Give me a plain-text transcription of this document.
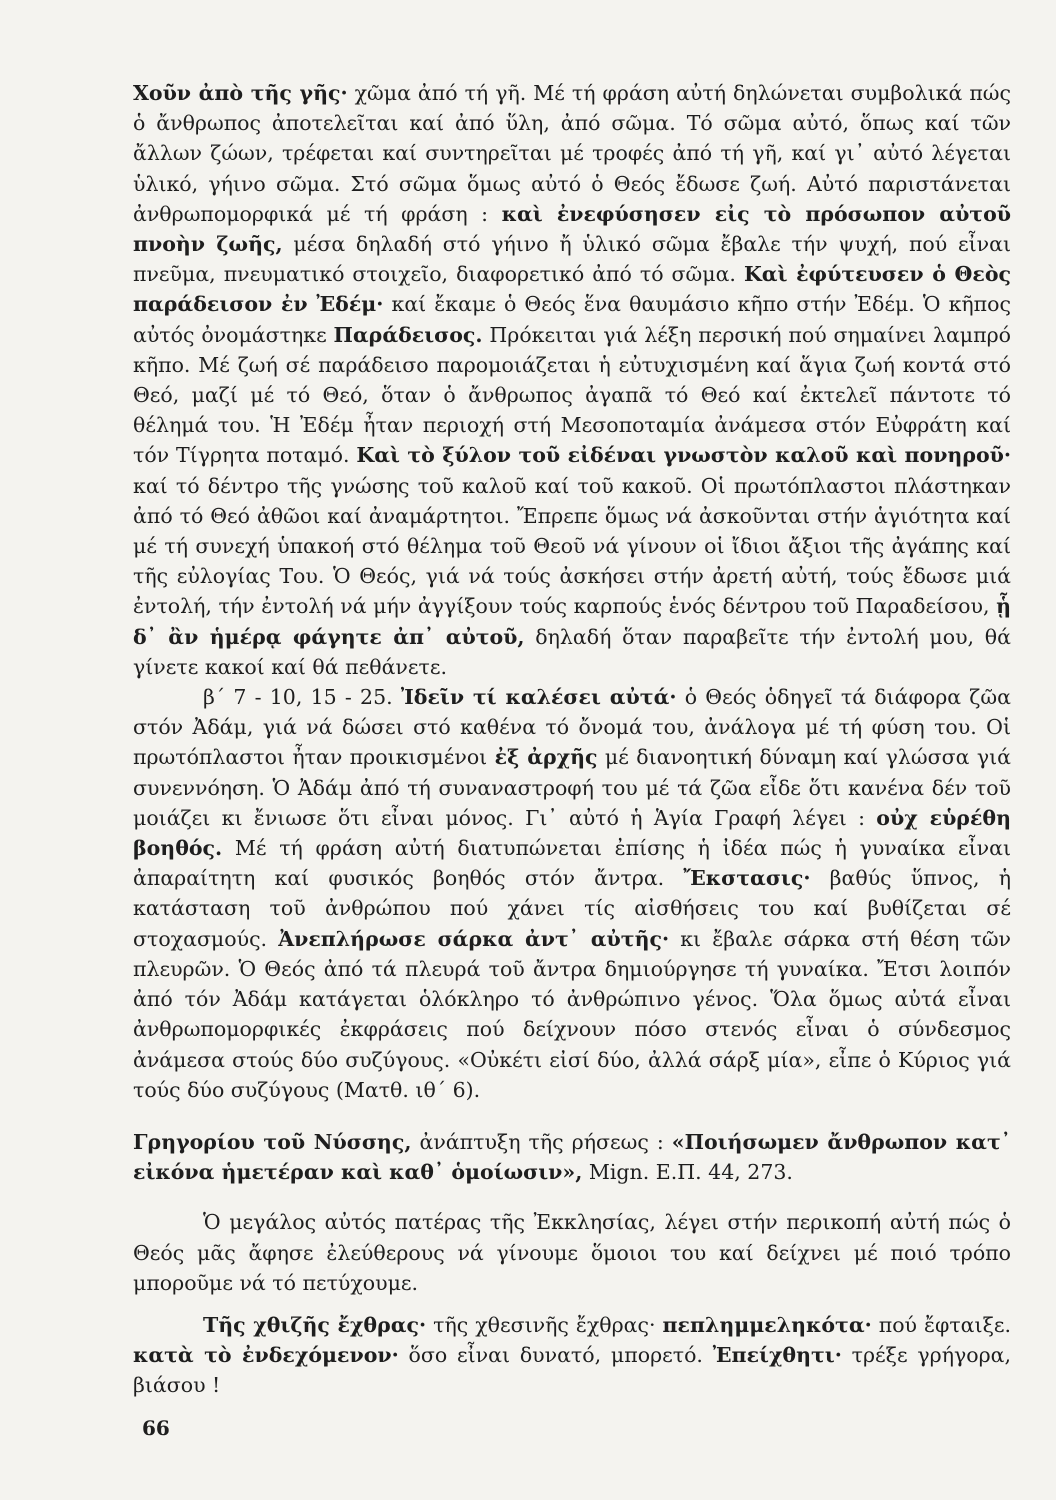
Χοῦν ἀπὸ τῆς γῆς· χῶμα ἀπό τή γῆ. Μέ τή φράση αὐτή δηλώνεται συμβολικά πώς ὁ ἄνθρωπος ἀποτελεῖται καί ἀπό ὕλη, ἀπό σῶμα. Τό σῶμα αὐτό, ὅπως καί τῶν ἄλλων ζώων, τρέφεται καί συντηρεῖται μέ τροφές ἀπό τή γῆ, καί γι᾿ αὐτό λέγεται ὑλικό, γήινο σῶμα. Στό σῶμα ὅμως αὐτό ὁ Θεός ἔδωσε ζωή. Αὐτό παριστάνεται ἀνθρωπομορφικά μέ τή φράση : καὶ ἐνεφύσησεν εἰς τὸ πρόσωπον αὐτοῦ πνοὴν ζωῆς, μέσα δηλαδή στό γήινο ἤ ὑλικό σῶμα ἔβαλε τήν ψυχή, πού εἶναι πνεῦμα, πνευματικό στοιχεῖο, διαφορετικό ἀπό τό σῶμα. Καὶ ἐφύτευσεν ὁ Θεὸς παράδεισον ἐν Ἐδέμ· καί ἔκαμε ὁ Θεός ἕνα θαυμάσιο κῆπο στήν Ἐδέμ. Ὁ κῆπος αὐτός ὀνομάστηκε Παράδεισος. Πρόκειται γιά λέξη περσική πού σημαίνει λαμπρό κῆπο. Μέ ζωή σέ παράδεισο παρομοιάζεται ἡ εὐτυχισμένη καί ἅγια ζωή κοντά στό Θεό, μαζί μέ τό Θεό, ὅταν ὁ ἄνθρωπος ἀγαπᾶ τό Θεό καί ἐκτελεῖ πάντοτε τό θέλημά του. Ἡ Ἐδέμ ἦταν περιοχή στή Μεσοποταμία ἀνάμεσα στόν Εὐφράτη καί τόν Τίγρητα ποταμό. Καὶ τὸ ξύλον τοῦ εἰδέναι γνωστὸν καλοῦ καὶ πονηροῦ· καί τό δέντρο τῆς γνώσης τοῦ καλοῦ καί τοῦ κακοῦ. Οἱ πρωτόπλαστοι πλάστηκαν ἀπό τό Θεό ἀθῶοι καί ἀναμάρτητοι. Ἔπρεπε ὅμως νά ἀσκοῦνται στήν ἁγιότητα καί μέ τή συνεχή ὑπακοή στό θέλημα τοῦ Θεοῦ νά γίνουν οἱ ἴδιοι ἄξιοι τῆς ἀγάπης καί τῆς εὐλογίας Του. Ὁ Θεός, γιά νά τούς ἀσκήσει στήν ἀρετή αὐτή, τούς ἔδωσε μιά ἐντολή, τήν ἐντολή νά μήν ἀγγίξουν τούς καρπούς ἑνός δέντρου τοῦ Παραδείσου, ᾗ δ᾿ ἂν ἡμέρᾳ φάγητε ἀπ᾿ αὐτοῦ, δηλαδή ὅταν παραβεῖτε τήν ἐντολή μου, θά γίνετε κακοί καί θά πεθάνετε.

β΄ 7 - 10, 15 - 25. Ἰδεῖν τί καλέσει αὐτά· ὁ Θεός ὁδηγεῖ τά διάφορα ζῶα στόν Ἀδάμ, γιά νά δώσει στό καθένα τό ὄνομά του, ἀνάλογα μέ τή φύση του. Οἱ πρωτόπλαστοι ἦταν προικισμένοι ἐξ ἀρχῆς μέ διανοητική δύναμη καί γλώσσα γιά συνεννόηση. Ὁ Ἀδάμ ἀπό τή συναναστροφή του μέ τά ζῶα εἶδε ὅτι κανένα δέν τοῦ μοιάζει κι ἔνιωσε ὅτι εἶναι μόνος. Γι᾿ αὐτό ἡ Ἁγία Γραφή λέγει : οὐχ εὑρέθη βοηθός. Μέ τή φράση αὐτή διατυπώνεται ἐπίσης ἡ ἰδέα πώς ἡ γυναίκα εἶναι ἀπαραίτητη καί φυσικός βοηθός στόν ἄντρα. Ἔκστασις· βαθύς ὕπνος, ἡ κατάσταση τοῦ ἀνθρώπου πού χάνει τίς αἰσθήσεις του καί βυθίζεται σέ στοχασμούς. Ἀνεπλήρωσε σάρκα ἀντ᾿ αὐτῆς· κι ἔβαλε σάρκα στή θέση τῶν πλευρῶν. Ὁ Θεός ἀπό τά πλευρά τοῦ ἄντρα δημιούργησε τή γυναίκα. Ἔτσι λοιπόν ἀπό τόν Ἀδάμ κατάγεται ὁλόκληρο τό ἀνθρώπινο γένος. Ὅλα ὅμως αὐτά εἶναι ἀνθρωπομορφικές ἐκφράσεις πού δείχνουν πόσο στενός εἶναι ὁ σύνδεσμος ἀνάμεσα στούς δύο συζύγους. «Οὐκέτι εἰσί δύο, ἀλλά σάρξ μία», εἶπε ὁ Κύριος γιά τούς δύο συζύγους (Ματθ. ιθ΄ 6).

Γρηγορίου τοῦ Νύσσης, ἀνάπτυξη τῆς ρήσεως : «Ποιήσωμεν ἄνθρωπον κατ᾿ εἰκόνα ἡμετέραν καὶ καθ᾿ ὁμοίωσιν», Mign. Ε.Π. 44, 273.

Ὁ μεγάλος αὐτός πατέρας τῆς Ἐκκλησίας, λέγει στήν περικοπή αὐτή πώς ὁ Θεός μᾶς ἄφησε ἐλεύθερους νά γίνουμε ὅμοιοι του καί δείχνει μέ ποιό τρόπο μποροῦμε νά τό πετύχουμε.

Τῆς χθιζῆς ἔχθρας· τῆς χθεσινῆς ἔχθρας· πεπλημμεληκότα· πού ἔφταιξε. κατὰ τὸ ἐνδεχόμενον· ὅσο εἶναι δυνατό, μπορετό. Ἐπείχθητι· τρέξε γρήγορα, βιάσου !

66
